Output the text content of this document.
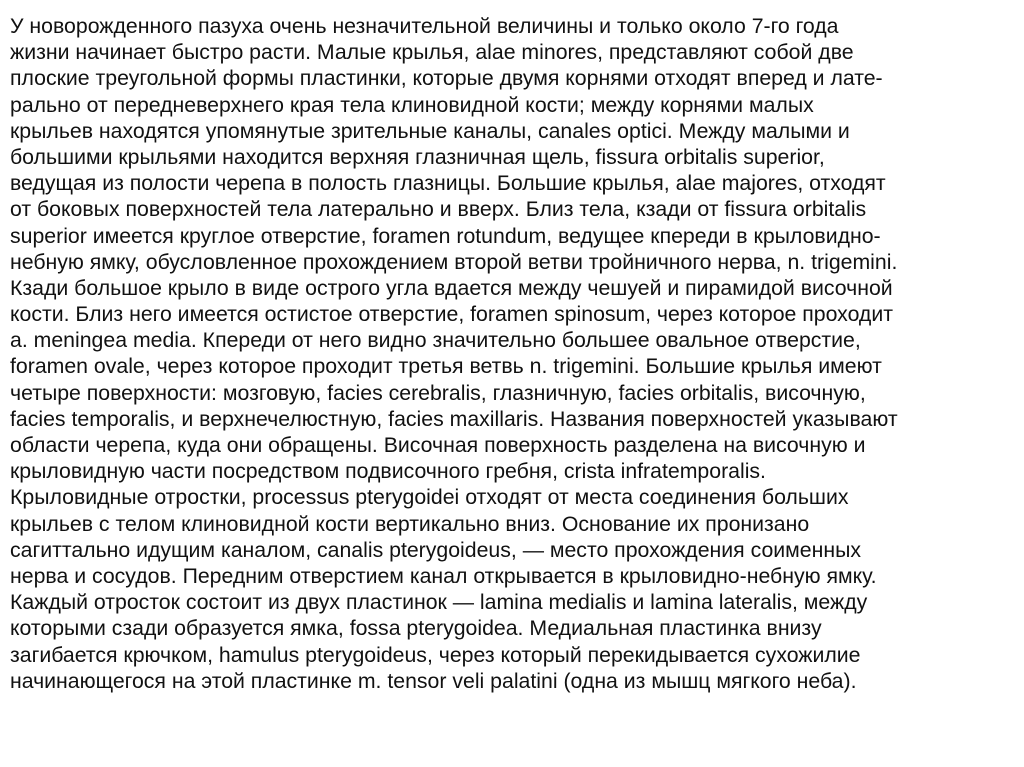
У новорожденного пазуха очень незначительной величины и только около 7-го года
жизни начинает быстро расти. Малые крылья, alae minores, представляют собой две
плоские треугольной формы пластинки, которые двумя корнями отходят вперед и лате-
рально от передневерхнего края тела клиновидной кости; между корнями малых
крыльев находятся упомянутые зрительные каналы, canales optici. Между малыми и
большими крыльями находится верхняя глазничная щель, fissura orbitalis superior,
ведущая из полости черепа в полость глазницы. Большие крылья, alae majores, отходят
от боковых поверхностей тела латерально и вверх. Близ тела, кзади от fissura orbitalis
superior имеется круглое отверстие, foramen rotundum, ведущее кпереди в крыловидно-
небную ямку, обусловленное прохождением второй ветви тройничного нерва, n. trigemini.
Кзади большое крыло в виде острого угла вдается между чешуей и пирамидой височной
кости. Близ него имеется остистое отверстие, foramen spinosum, через которое проходит
a. meningea media. Кпереди от него видно значительно большее овальное отверстие,
foramen ovale, через которое проходит третья ветвь n. trigemini. Большие крылья имеют
четыре поверхности: мозговую, facies cerebralis, глазничную, facies orbitalis, височную,
facies temporalis, и верхнечелюстную, facies maxillaris. Названия поверхностей указывают
области черепа, куда они обращены. Височная поверхность разделена на височную и
крыловидную части посредством подвисочного гребня, crista infratemporalis.
Крыловидные отростки, processus pterygoidei отходят от места соединения больших
крыльев с телом клиновидной кости вертикально вниз. Основание их пронизано
сагиттально идущим каналом, canalis pterygoideus, — место прохождения соименных
нерва и сосудов. Передним отверстием канал открывается в крыловидно-небную ямку.
Каждый отросток состоит из двух пластинок — lamina medialis и lamina lateralis, между
которыми сзади образуется ямка, fossa pterygoidea. Медиальная пластинка внизу
загибается крючком, hamulus pterygoideus, через который перекидывается сухожилие
начинающегося на этой пластинке m. tensor veli palatini (одна из мышц мягкого неба).
